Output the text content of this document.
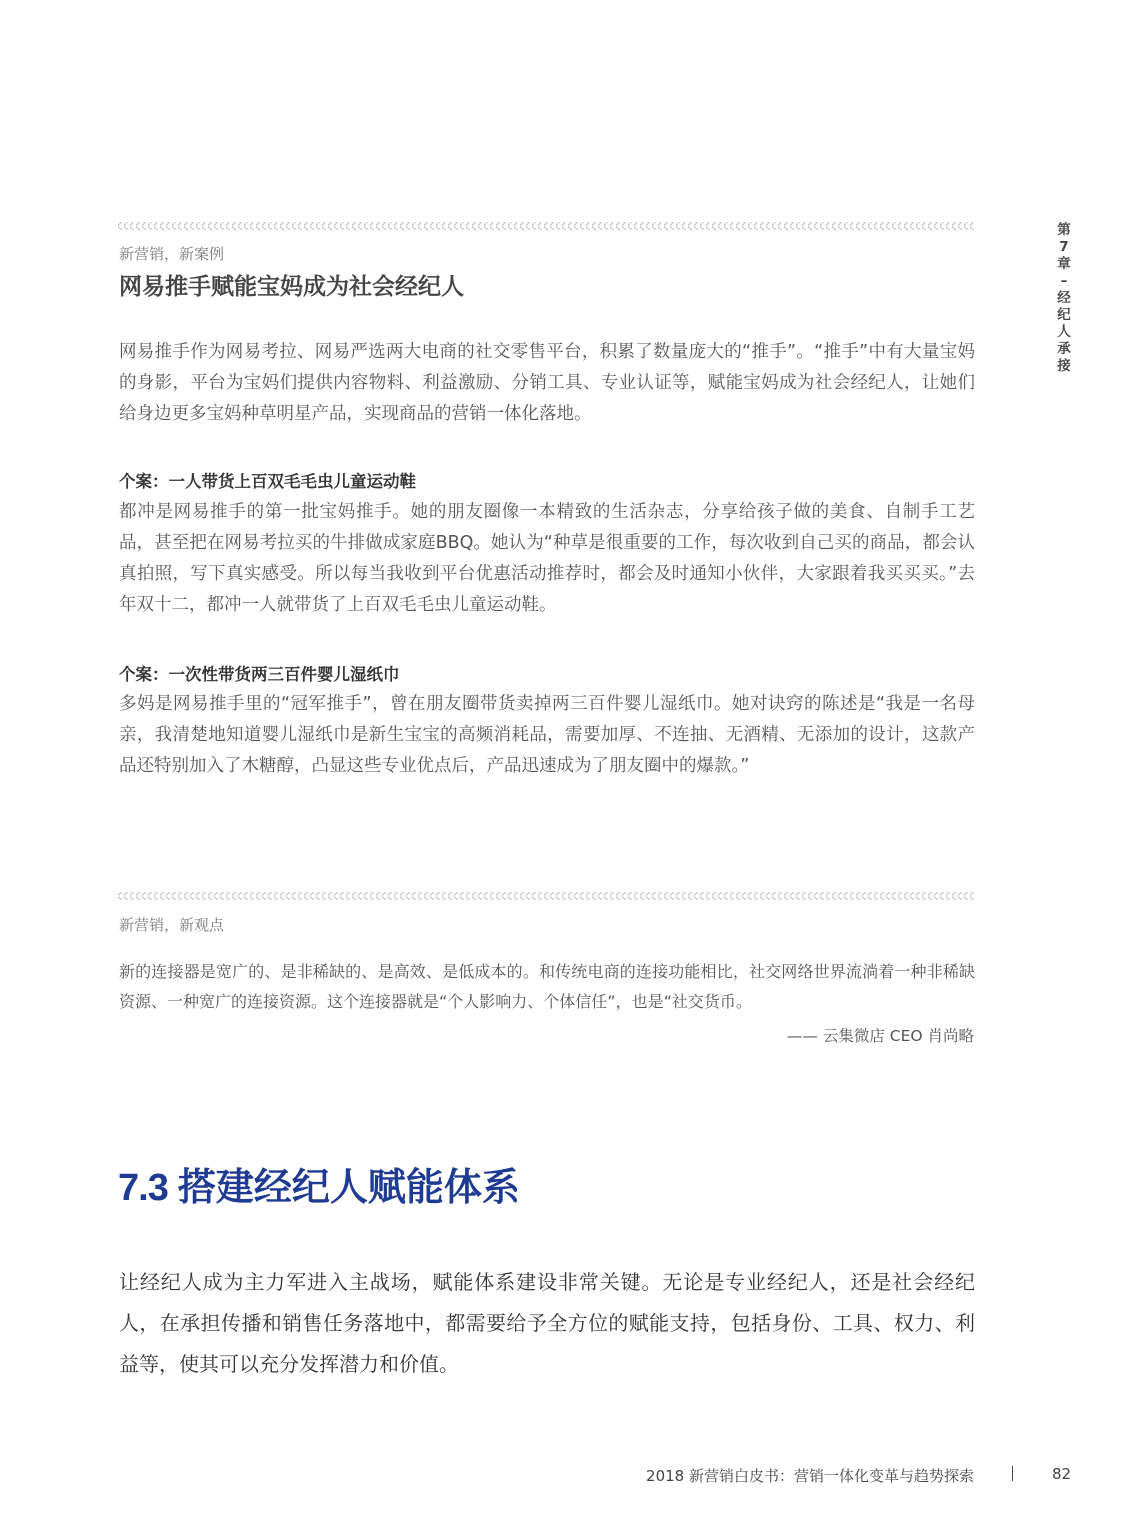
第
7
章
–
经
纪
人
承
接
新营销，新案例
网易推手赋能宝妈成为社会经纪人
网易推手作为网易考拉、网易严选两大电商的社交零售平台，积累了数量庞大的“推手”。“推手”中有大量宝妈的身影，平台为宝妈们提供内容物料、利益激励、分销工具、专业认证等，赋能宝妈成为社会经纪人，让她们给身边更多宝妈种草明星产品，实现商品的营销一体化落地。
个案：一人带货上百双毛毛虫儿童运动鞋
都冲是网易推手的第一批宝妈推手。她的朋友圈像一本精致的生活杂志，分享给孩子做的美食、自制手工艺品，甚至把在网易考拉买的牛排做成家庭BBQ。她认为“种草是很重要的工作，每次收到自己买的商品，都会认真拍照，写下真实感受。所以每当我收到平台优惠活动推荐时，都会及时通知小伙伴，大家跟着我买买买。”去年双十二，都冲一人就带货了上百双毛毛虫儿童运动鞋。
个案：一次性带货两三百件婴儿湿纸巾
多妈是网易推手里的“冠军推手”，曾在朋友圈带货卖掉两三百件婴儿湿纸巾。她对诀窍的陈述是“我是一名母亲，我清楚地知道婴儿湿纸巾是新生宝宝的高频消耗品，需要加厚、不连抽、无酒精、无添加的设计，这款产品还特别加入了木糖醇，凸显这些专业优点后，产品迅速成为了朋友圈中的爆款。”
新营销，新观点
新的连接器是宽广的、是非稀缺的、是高效、是低成本的。和传统电商的连接功能相比，社交网络世界流淌着一种非稀缺资源、一种宽广的连接资源。这个连接器就是“个人影响力、个体信任”，也是“社交货币。
—— 云集微店 CEO 肖尚略
7.3 搭建经纪人赋能体系
让经纪人成为主力军进入主战场，赋能体系建设非常关键。无论是专业经纪人，还是社会经纪人，在承担传播和销售任务落地中，都需要给予全方位的赋能支持，包括身份、工具、权力、利益等，使其可以充分发挥潜力和价值。
2018 新营销白皮书：营销一体化变革与趋势探索	82
